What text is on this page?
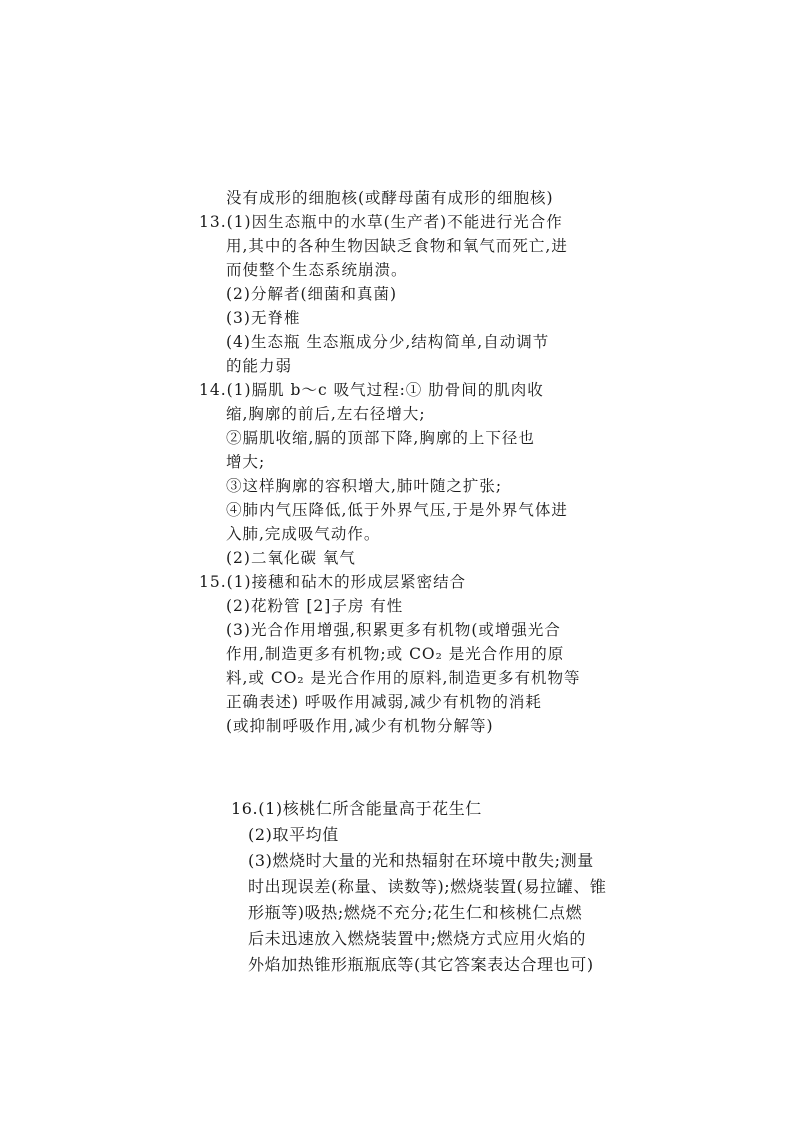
没有成形的细胞核(或酵母菌有成形的细胞核)
13.(1)因生态瓶中的水草(生产者)不能进行光合作
用,其中的各种生物因缺乏食物和氧气而死亡,进
而使整个生态系统崩溃。
(2)分解者(细菌和真菌)
(3)无脊椎
(4)生态瓶 生态瓶成分少,结构简单,自动调节
的能力弱
14.(1)膈肌 b～c 吸气过程:① 肋骨间的肌肉收
缩,胸廓的前后,左右径增大;
②膈肌收缩,膈的顶部下降,胸廓的上下径也
增大;
③这样胸廓的容积增大,肺叶随之扩张;
④肺内气压降低,低于外界气压,于是外界气体进
入肺,完成吸气动作。
(2)二氧化碳 氧气
15.(1)接穗和砧木的形成层紧密结合
(2)花粉管 [2]子房 有性
(3)光合作用增强,积累更多有机物(或增强光合
作用,制造更多有机物;或 CO₂ 是光合作用的原
料,或 CO₂ 是光合作用的原料,制造更多有机物等
正确表述) 呼吸作用减弱,减少有机物的消耗
(或抑制呼吸作用,减少有机物分解等)
16.(1)核桃仁所含能量高于花生仁
(2)取平均值
(3)燃烧时大量的光和热辐射在环境中散失;测量
时出现误差(称量、读数等);燃烧装置(易拉罐、锥
形瓶等)吸热;燃烧不充分;花生仁和核桃仁点燃
后未迅速放入燃烧装置中;燃烧方式应用火焰的
外焰加热锥形瓶瓶底等(其它答案表达合理也可)
